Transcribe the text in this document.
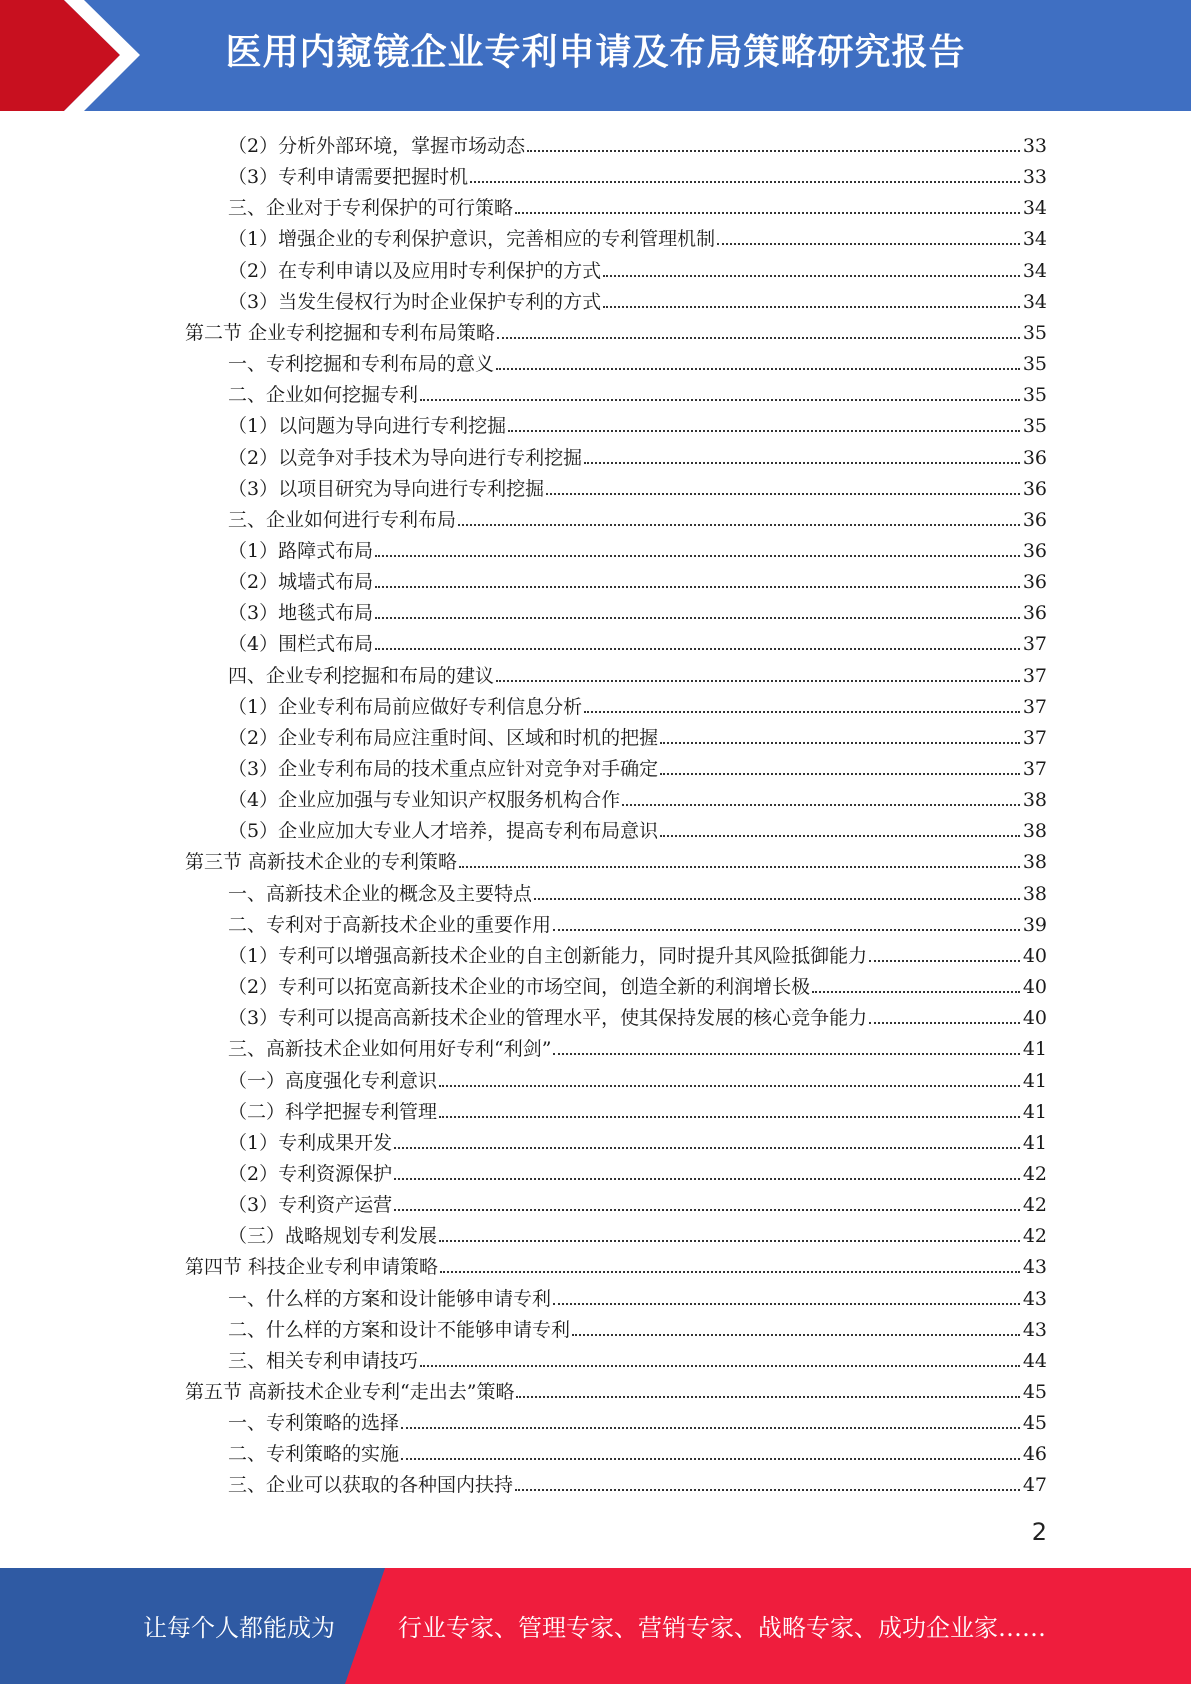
医用内窥镜企业专利申请及布局策略研究报告
（2）分析外部环境，掌握市场动态	33
（3）专利申请需要把握时机	33
三、企业对于专利保护的可行策略	34
（1）增强企业的专利保护意识，完善相应的专利管理机制	34
（2）在专利申请以及应用时专利保护的方式	34
（3）当发生侵权行为时企业保护专利的方式	34
第二节 企业专利挖掘和专利布局策略	35
一、专利挖掘和专利布局的意义	35
二、企业如何挖掘专利	35
（1）以问题为导向进行专利挖掘	35
（2）以竞争对手技术为导向进行专利挖掘	36
（3）以项目研究为导向进行专利挖掘	36
三、企业如何进行专利布局	36
（1）路障式布局	36
（2）城墙式布局	36
（3）地毯式布局	36
（4）围栏式布局	37
四、企业专利挖掘和布局的建议	37
（1）企业专利布局前应做好专利信息分析	37
（2）企业专利布局应注重时间、区域和时机的把握	37
（3）企业专利布局的技术重点应针对竞争对手确定	37
（4）企业应加强与专业知识产权服务机构合作	38
（5）企业应加大专业人才培养，提高专利布局意识	38
第三节 高新技术企业的专利策略	38
一、高新技术企业的概念及主要特点	38
二、专利对于高新技术企业的重要作用	39
（1）专利可以增强高新技术企业的自主创新能力，同时提升其风险抵御能力	40
（2）专利可以拓宽高新技术企业的市场空间，创造全新的利润增长极	40
（3）专利可以提高高新技术企业的管理水平，使其保持发展的核心竞争能力	40
三、高新技术企业如何用好专利“利剑”	41
（一）高度强化专利意识	41
（二）科学把握专利管理	41
（1）专利成果开发	41
（2）专利资源保护	42
（3）专利资产运营	42
（三）战略规划专利发展	42
第四节 科技企业专利申请策略	43
一、什么样的方案和设计能够申请专利	43
二、什么样的方案和设计不能够申请专利	43
三、相关专利申请技巧	44
第五节 高新技术企业专利“走出去”策略	45
一、专利策略的选择	45
二、专利策略的实施	46
三、企业可以获取的各种国内扶持	47
2
让每个人都能成为	行业专家、管理专家、营销专家、战略专家、成功企业家……
